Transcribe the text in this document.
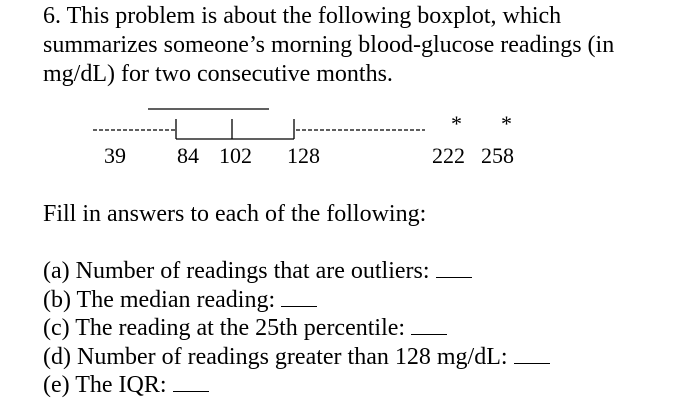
6. This problem is about the following boxplot, which summarizes someone’s morning blood-glucose readings (in mg/dL) for two consecutive months.

* *
39 84 102 128	222 258

Fill in answers to each of the following:

(a) Number of readings that are outliers:
(b) The median reading:
(c) The reading at the 25th percentile:
(d) Number of readings greater than 128 mg/dL:
(e) The IQR:
